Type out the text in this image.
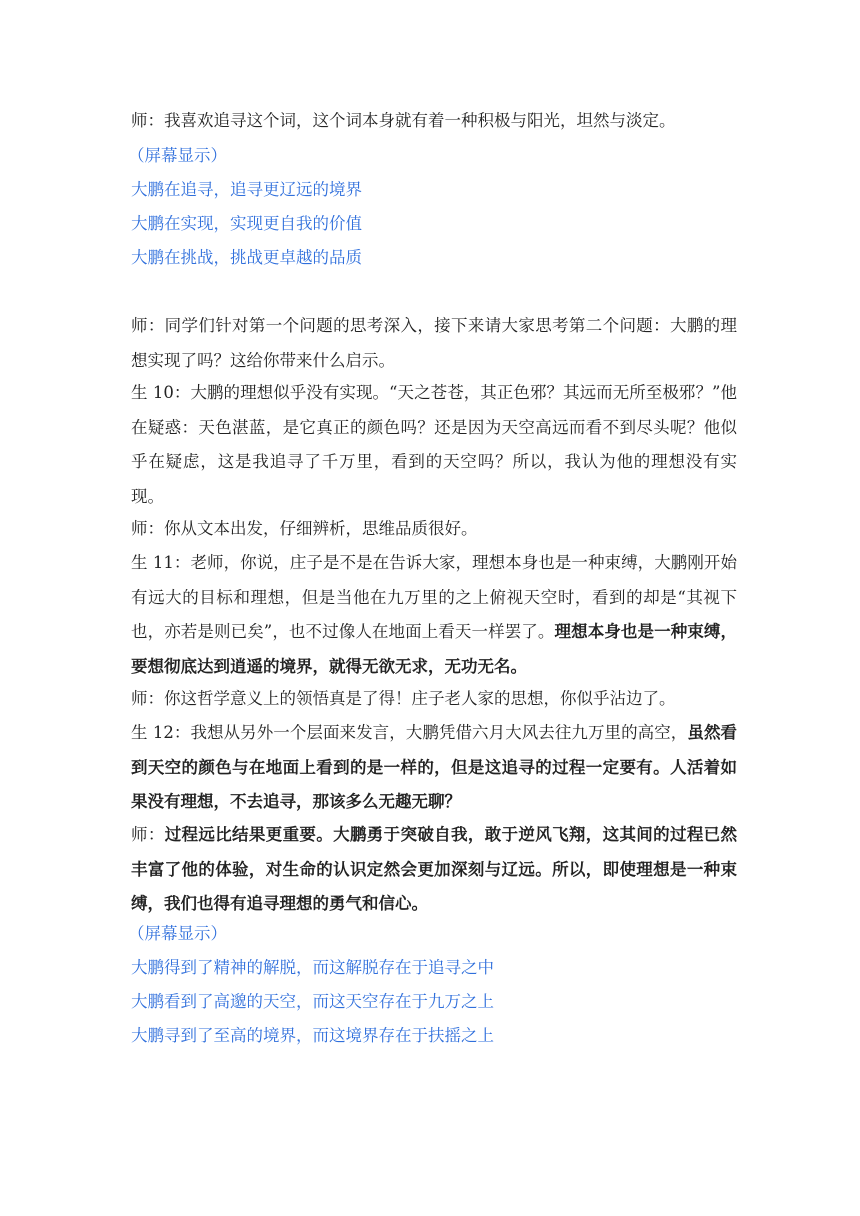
师：我喜欢追寻这个词，这个词本身就有着一种积极与阳光，坦然与淡定。

（屏幕显示）

大鹏在追寻，追寻更辽远的境界

大鹏在实现，实现更自我的价值

大鹏在挑战，挑战更卓越的品质

师：同学们针对第一个问题的思考深入，接下来请大家思考第二个问题：大鹏的理想实现了吗？这给你带来什么启示。

生 10：大鹏的理想似乎没有实现。“天之苍苍，其正色邪？其远而无所至极邪？”他在疑惑：天色湛蓝，是它真正的颜色吗？还是因为天空高远而看不到尽头呢？他似乎在疑虑，这是我追寻了千万里，看到的天空吗？所以，我认为他的理想没有实现。

师：你从文本出发，仔细辨析，思维品质很好。

生 11：老师，你说，庄子是不是在告诉大家，理想本身也是一种束缚，大鹏刚开始有远大的目标和理想，但是当他在九万里的之上俯视天空时，看到的却是“其视下也，亦若是则已矣”，也不过像人在地面上看天一样罢了。理想本身也是一种束缚，要想彻底达到逍遥的境界，就得无欲无求，无功无名。

师：你这哲学意义上的领悟真是了得！庄子老人家的思想，你似乎沾边了。

生 12：我想从另外一个层面来发言，大鹏凭借六月大风去往九万里的高空，虽然看到天空的颜色与在地面上看到的是一样的，但是这追寻的过程一定要有。人活着如果没有理想，不去追寻，那该多么无趣无聊？

师：过程远比结果更重要。大鹏勇于突破自我，敢于逆风飞翔，这其间的过程已然丰富了他的体验，对生命的认识定然会更加深刻与辽远。所以，即使理想是一种束缚，我们也得有追寻理想的勇气和信心。

（屏幕显示）

大鹏得到了精神的解脱，而这解脱存在于追寻之中

大鹏看到了高邈的天空，而这天空存在于九万之上

大鹏寻到了至高的境界，而这境界存在于扶摇之上
